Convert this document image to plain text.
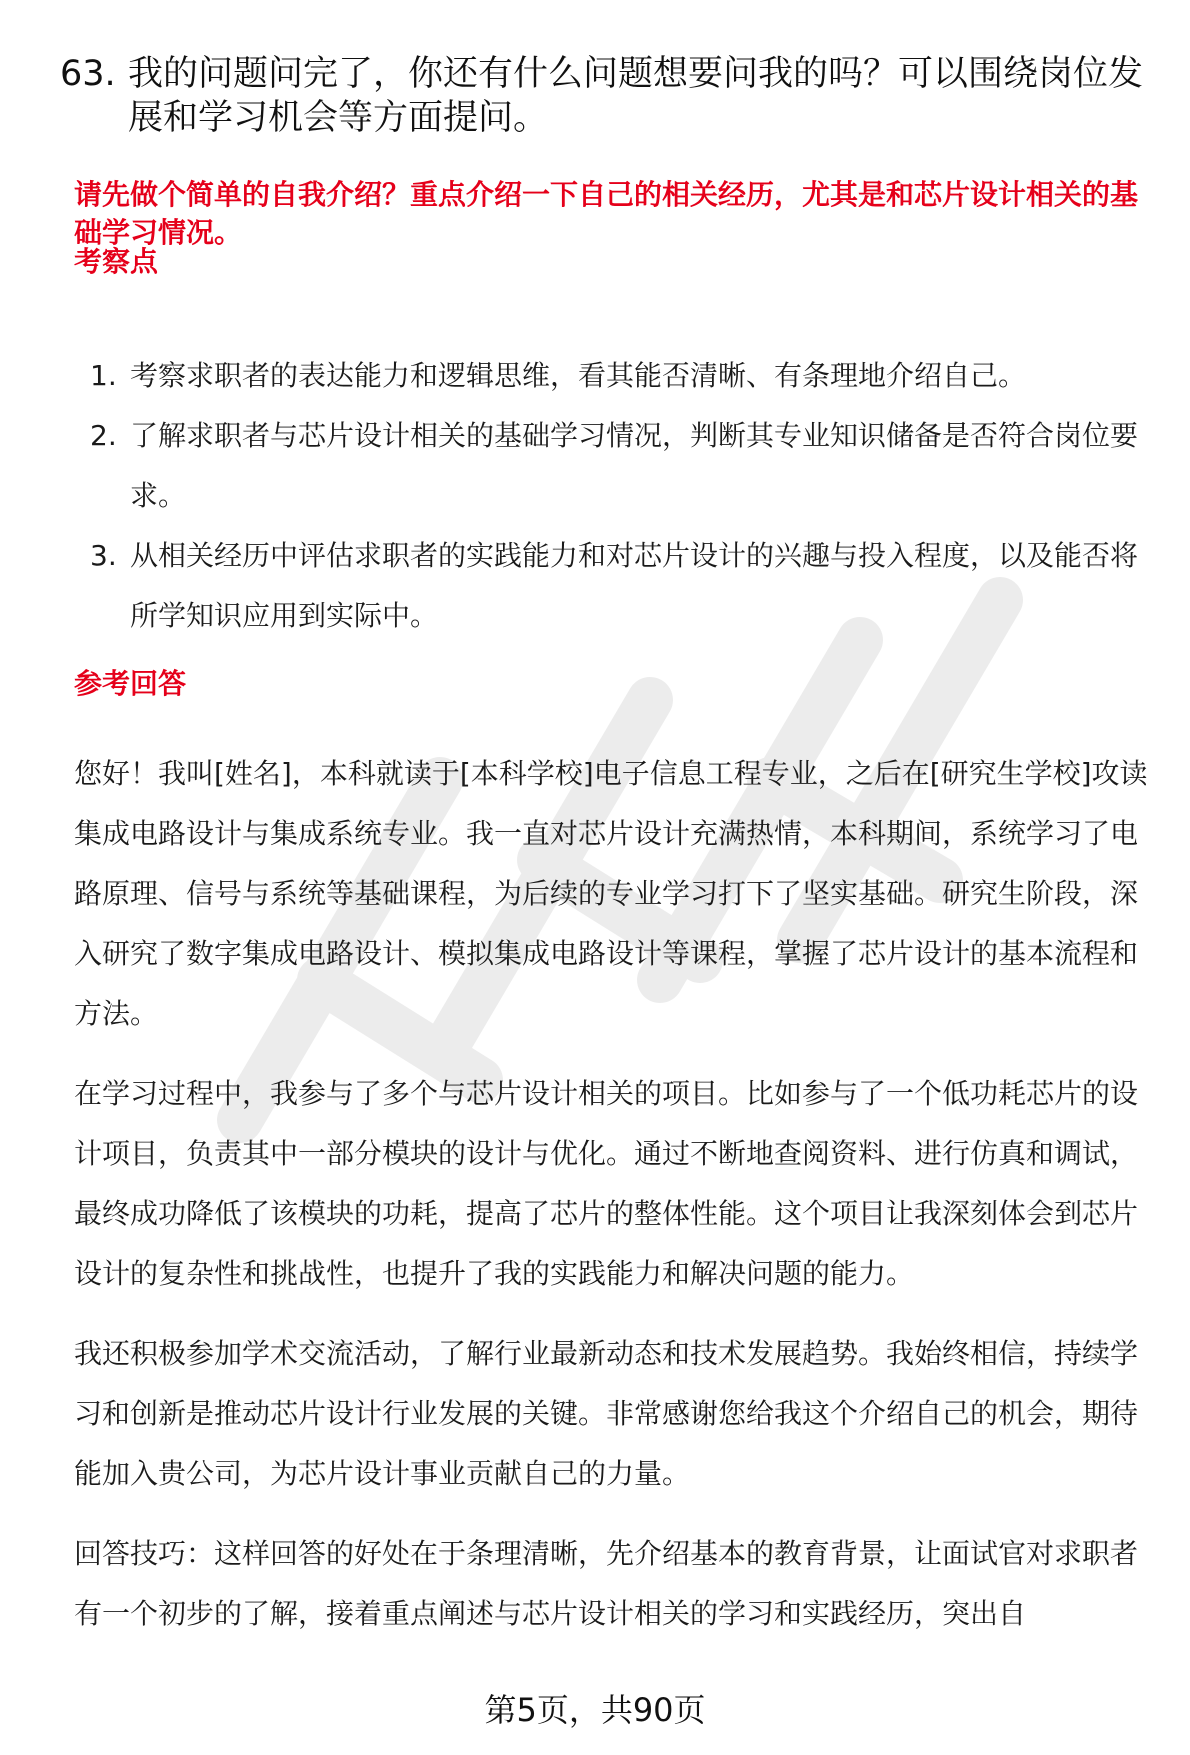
63. 我的问题问完了，你还有什么问题想要问我的吗？可以围绕岗位发展和学习机会等方面提问。
请先做个简单的自我介绍？重点介绍一下自己的相关经历，尤其是和芯片设计相关的基础学习情况。
考察点
1. 考察求职者的表达能力和逻辑思维，看其能否清晰、有条理地介绍自己。
2. 了解求职者与芯片设计相关的基础学习情况，判断其专业知识储备是否符合岗位要求。
3. 从相关经历中评估求职者的实践能力和对芯片设计的兴趣与投入程度，以及能否将所学知识应用到实际中。
参考回答

您好！我叫[姓名]，本科就读于[本科学校]电子信息工程专业，之后在[研究生学校]攻读集成电路设计与集成系统专业。我一直对芯片设计充满热情，本科期间，系统学习了电路原理、信号与系统等基础课程，为后续的专业学习打下了坚实基础。研究生阶段，深入研究了数字集成电路设计、模拟集成电路设计等课程，掌握了芯片设计的基本流程和方法。

在学习过程中，我参与了多个与芯片设计相关的项目。比如参与了一个低功耗芯片的设计项目，负责其中一部分模块的设计与优化。通过不断地查阅资料、进行仿真和调试，最终成功降低了该模块的功耗，提高了芯片的整体性能。这个项目让我深刻体会到芯片设计的复杂性和挑战性，也提升了我的实践能力和解决问题的能力。

我还积极参加学术交流活动，了解行业最新动态和技术发展趋势。我始终相信，持续学习和创新是推动芯片设计行业发展的关键。非常感谢您给我这个介绍自己的机会，期待能加入贵公司，为芯片设计事业贡献自己的力量。

回答技巧：这样回答的好处在于条理清晰，先介绍基本的教育背景，让面试官对求职者有一个初步的了解，接着重点阐述与芯片设计相关的学习和实践经历，突出自

第5页，共90页
